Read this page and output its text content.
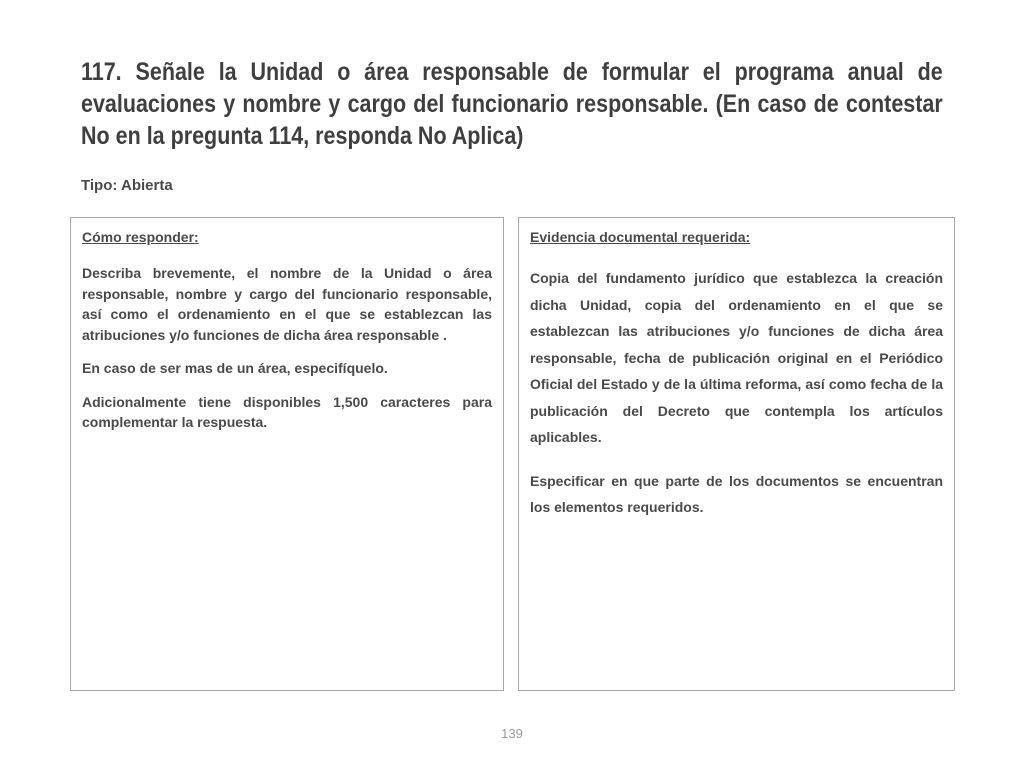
117. Señale la Unidad o área responsable de formular el programa anual de evaluaciones y nombre y cargo del funcionario responsable. (En caso de contestar No en la pregunta 114, responda No Aplica)
Tipo: Abierta
Cómo responder:

Describa brevemente, el nombre de la Unidad o área responsable, nombre y cargo del funcionario responsable, así como el ordenamiento en el que se establezcan las atribuciones y/o funciones de dicha área responsable .

En caso de ser mas de un área, especifíquelo.

Adicionalmente tiene disponibles 1,500 caracteres para complementar la respuesta.

Evidencia documental requerida:

Copia del fundamento jurídico que establezca la creación dicha Unidad, copia del ordenamiento en el que se establezcan las atribuciones y/o funciones de dicha área responsable, fecha de publicación original en el Periódico Oficial del Estado y de la última reforma, así como fecha de la publicación del Decreto que contempla los artículos aplicables.

Especificar en que parte de los documentos se encuentran los elementos requeridos.

139
